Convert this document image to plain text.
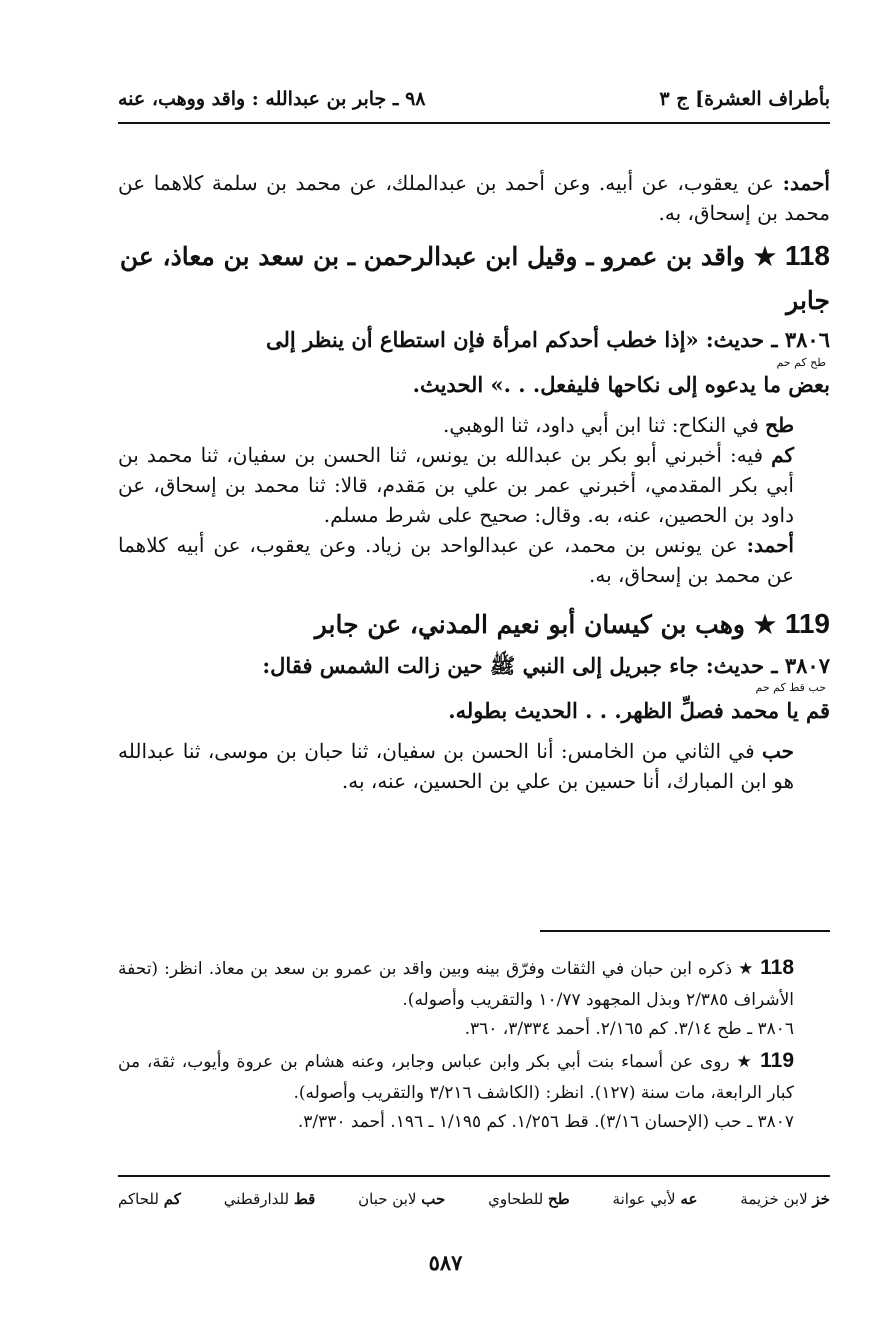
بأطراف العشرة] ج ٣
٩٨ ـ جابر بن عبدالله : واقد ووهب، عنه

أحمد: عن يعقوب، عن أبيه. وعن أحمد بن عبدالملك، عن محمد بن سلمة كلاهما عن محمد بن إسحاق، به.

118 ★ واقد بن عمرو ـ وقيل ابن عبدالرحمن ـ بن سعد بن معاذ، عن جابر

٣٨٠٦ ـ حديث: «إذا خطب أحدكم امرأة فإن استطاع أن ينظر إلى
طح كم حم
بعض ما يدعوه إلى نكاحها فليفعل. . .» الحديث.

طح في النكاح: ثنا ابن أبي داود، ثنا الوهبي.

كم فيه: أخبرني أبو بكر بن عبدالله بن يونس، ثنا الحسن بن سفيان، ثنا محمد بن أبي بكر المقدمي، أخبرني عمر بن علي بن مَقدم، قالا: ثنا محمد بن إسحاق، عن داود بن الحصين، عنه، به. وقال: صحيح على شرط مسلم.

أحمد: عن يونس بن محمد، عن عبدالواحد بن زياد. وعن يعقوب، عن أبيه كلاهما عن محمد بن إسحاق، به.

119 ★ وهب بن كيسان أبو نعيم المدني، عن جابر

٣٨٠٧ ـ حديث: جاء جبريل إلى النبي ﷺ حين زالت الشمس فقال:
حب قط كم حم
قم يا محمد فصلِّ الظهر. . . الحديث بطوله.

حب في الثاني من الخامس: أنا الحسن بن سفيان، ثنا حبان بن موسى، ثنا عبدالله هو ابن المبارك، أنا حسين بن علي بن الحسين، عنه، به.

118 ★ ذكره ابن حبان في الثقات وفرّق بينه وبين واقد بن عمرو بن سعد بن معاذ. انظر: (تحفة الأشراف ٢/٣٨٥ وبذل المجهود ١٠/٧٧ والتقريب وأصوله).

٣٨٠٦ ـ طح ٣/١٤. كم ٢/١٦٥. أحمد ٣/٣٣٤، ٣٦٠.

119 ★ روى عن أسماء بنت أبي بكر وابن عباس وجابر، وعنه هشام بن عروة وأيوب، ثقة، من كبار الرابعة، مات سنة (١٢٧). انظر: (الكاشف ٣/٢١٦ والتقريب وأصوله).

٣٨٠٧ ـ حب (الإحسان ٣/١٦). قط ١/٢٥٦. كم ١/١٩٥ ـ ١٩٦. أحمد ٣/٣٣٠.

خز لابن خزيمة
عه لأبي عوانة
طح للطحاوي
حب لابن حبان
قط للدارقطني
كم للحاكم
٥٨٧
